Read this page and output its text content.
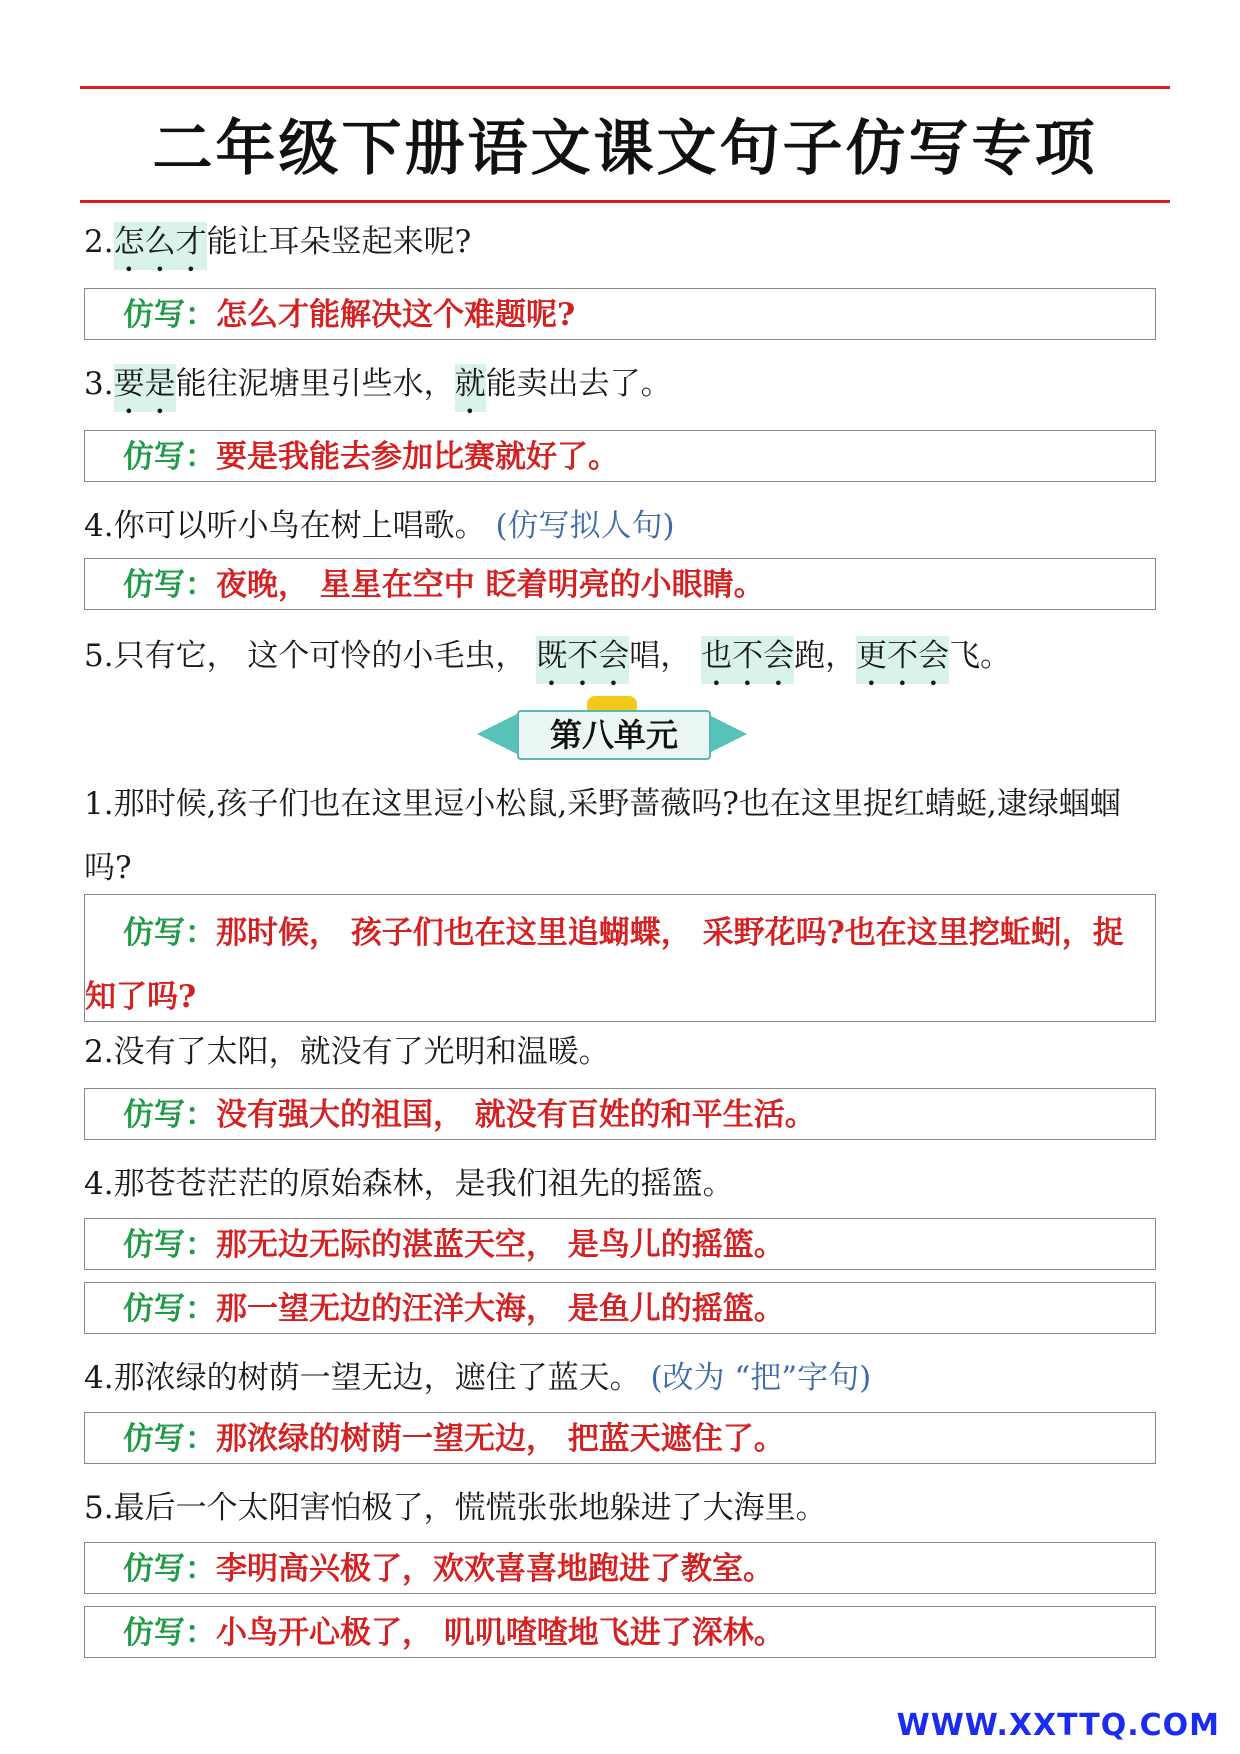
二年级下册语文课文句子仿写专项
2.怎么才能让耳朵竖起来呢?
仿写：怎么才能解决这个难题呢?
3.要是能往泥塘里引些水，就能卖出去了。
仿写：要是我能去参加比赛就好了。
4.你可以听小鸟在树上唱歌。 (仿写拟人句)
仿写：夜晚， 星星在空中 眨着明亮的小眼睛。
5.只有它， 这个可怜的小毛虫， 既不会唱， 也不会跑，更不会飞。
第八单元
1.那时候,孩子们也在这里逗小松鼠,采野蔷薇吗?也在这里捉红蜻蜓,逮绿蝈蝈吗?
仿写：那时候， 孩子们也在这里追蝴蝶， 采野花吗?也在这里挖蚯蚓，捉知了吗?
2.没有了太阳，就没有了光明和温暖。
仿写：没有强大的祖国， 就没有百姓的和平生活。
4.那苍苍茫茫的原始森林，是我们祖先的摇篮。
仿写：那无边无际的湛蓝天空， 是鸟儿的摇篮。
仿写：那一望无边的汪洋大海， 是鱼儿的摇篮。
4.那浓绿的树荫一望无边，遮住了蓝天。 (改为 “把”字句)
仿写：那浓绿的树荫一望无边， 把蓝天遮住了。
5.最后一个太阳害怕极了，慌慌张张地躲进了大海里。
仿写：李明高兴极了，欢欢喜喜地跑进了教室。
仿写：小鸟开心极了， 叽叽喳喳地飞进了深林。
WWW.XXTTQ.COM
